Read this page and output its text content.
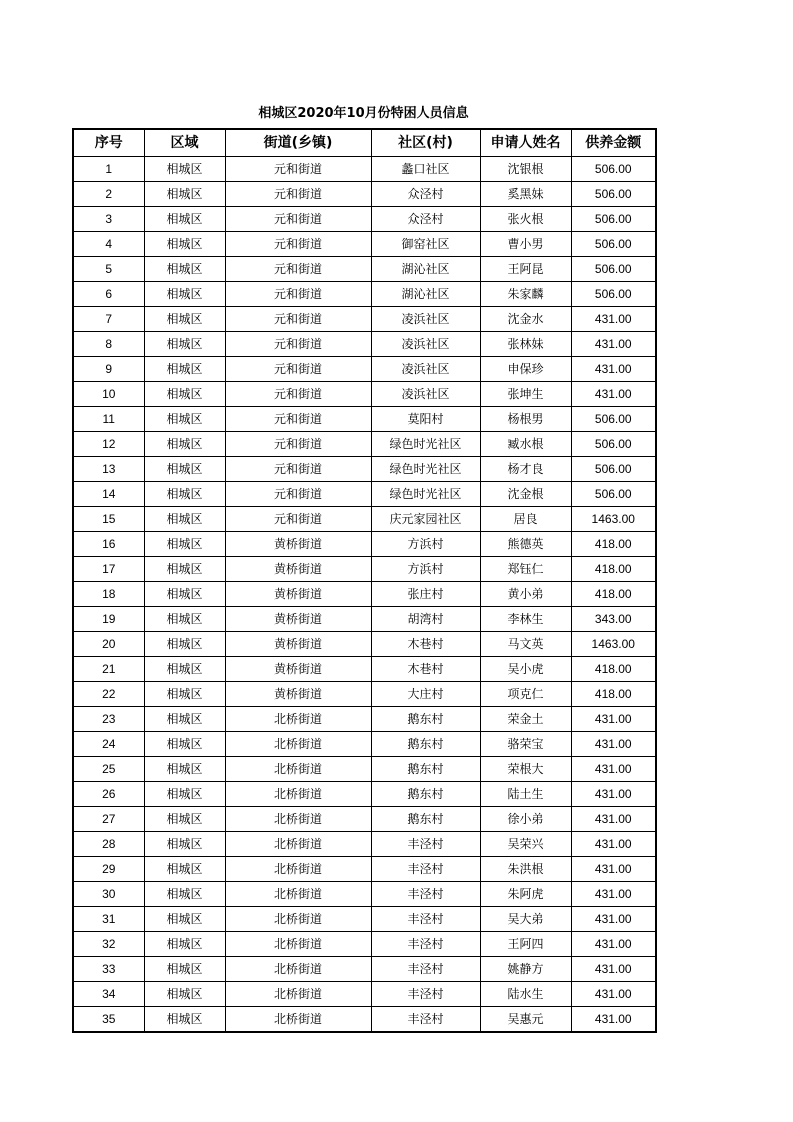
相城区2020年10月份特困人员信息
序号	区域	街道(乡镇)	社区(村)	申请人姓名	供养金额
1	相城区	元和街道	蠡口社区	沈银根	506.00
2	相城区	元和街道	众泾村	奚黑妹	506.00
3	相城区	元和街道	众泾村	张火根	506.00
4	相城区	元和街道	御窑社区	曹小男	506.00
5	相城区	元和街道	湖沁社区	王阿昆	506.00
6	相城区	元和街道	湖沁社区	朱家麟	506.00
7	相城区	元和街道	凌浜社区	沈金水	431.00
8	相城区	元和街道	凌浜社区	张林妹	431.00
9	相城区	元和街道	凌浜社区	申保珍	431.00
10	相城区	元和街道	凌浜社区	张坤生	431.00
11	相城区	元和街道	莫阳村	杨根男	506.00
12	相城区	元和街道	绿色时光社区	臧水根	506.00
13	相城区	元和街道	绿色时光社区	杨才良	506.00
14	相城区	元和街道	绿色时光社区	沈金根	506.00
15	相城区	元和街道	庆元家园社区	居良	1463.00
16	相城区	黄桥街道	方浜村	熊德英	418.00
17	相城区	黄桥街道	方浜村	郑钰仁	418.00
18	相城区	黄桥街道	张庄村	黄小弟	418.00
19	相城区	黄桥街道	胡湾村	李林生	343.00
20	相城区	黄桥街道	木巷村	马文英	1463.00
21	相城区	黄桥街道	木巷村	吴小虎	418.00
22	相城区	黄桥街道	大庄村	项克仁	418.00
23	相城区	北桥街道	鹅东村	荣金土	431.00
24	相城区	北桥街道	鹅东村	骆荣宝	431.00
25	相城区	北桥街道	鹅东村	荣根大	431.00
26	相城区	北桥街道	鹅东村	陆土生	431.00
27	相城区	北桥街道	鹅东村	徐小弟	431.00
28	相城区	北桥街道	丰泾村	吴荣兴	431.00
29	相城区	北桥街道	丰泾村	朱洪根	431.00
30	相城区	北桥街道	丰泾村	朱阿虎	431.00
31	相城区	北桥街道	丰泾村	吴大弟	431.00
32	相城区	北桥街道	丰泾村	王阿四	431.00
33	相城区	北桥街道	丰泾村	姚静方	431.00
34	相城区	北桥街道	丰泾村	陆水生	431.00
35	相城区	北桥街道	丰泾村	吴惠元	431.00
